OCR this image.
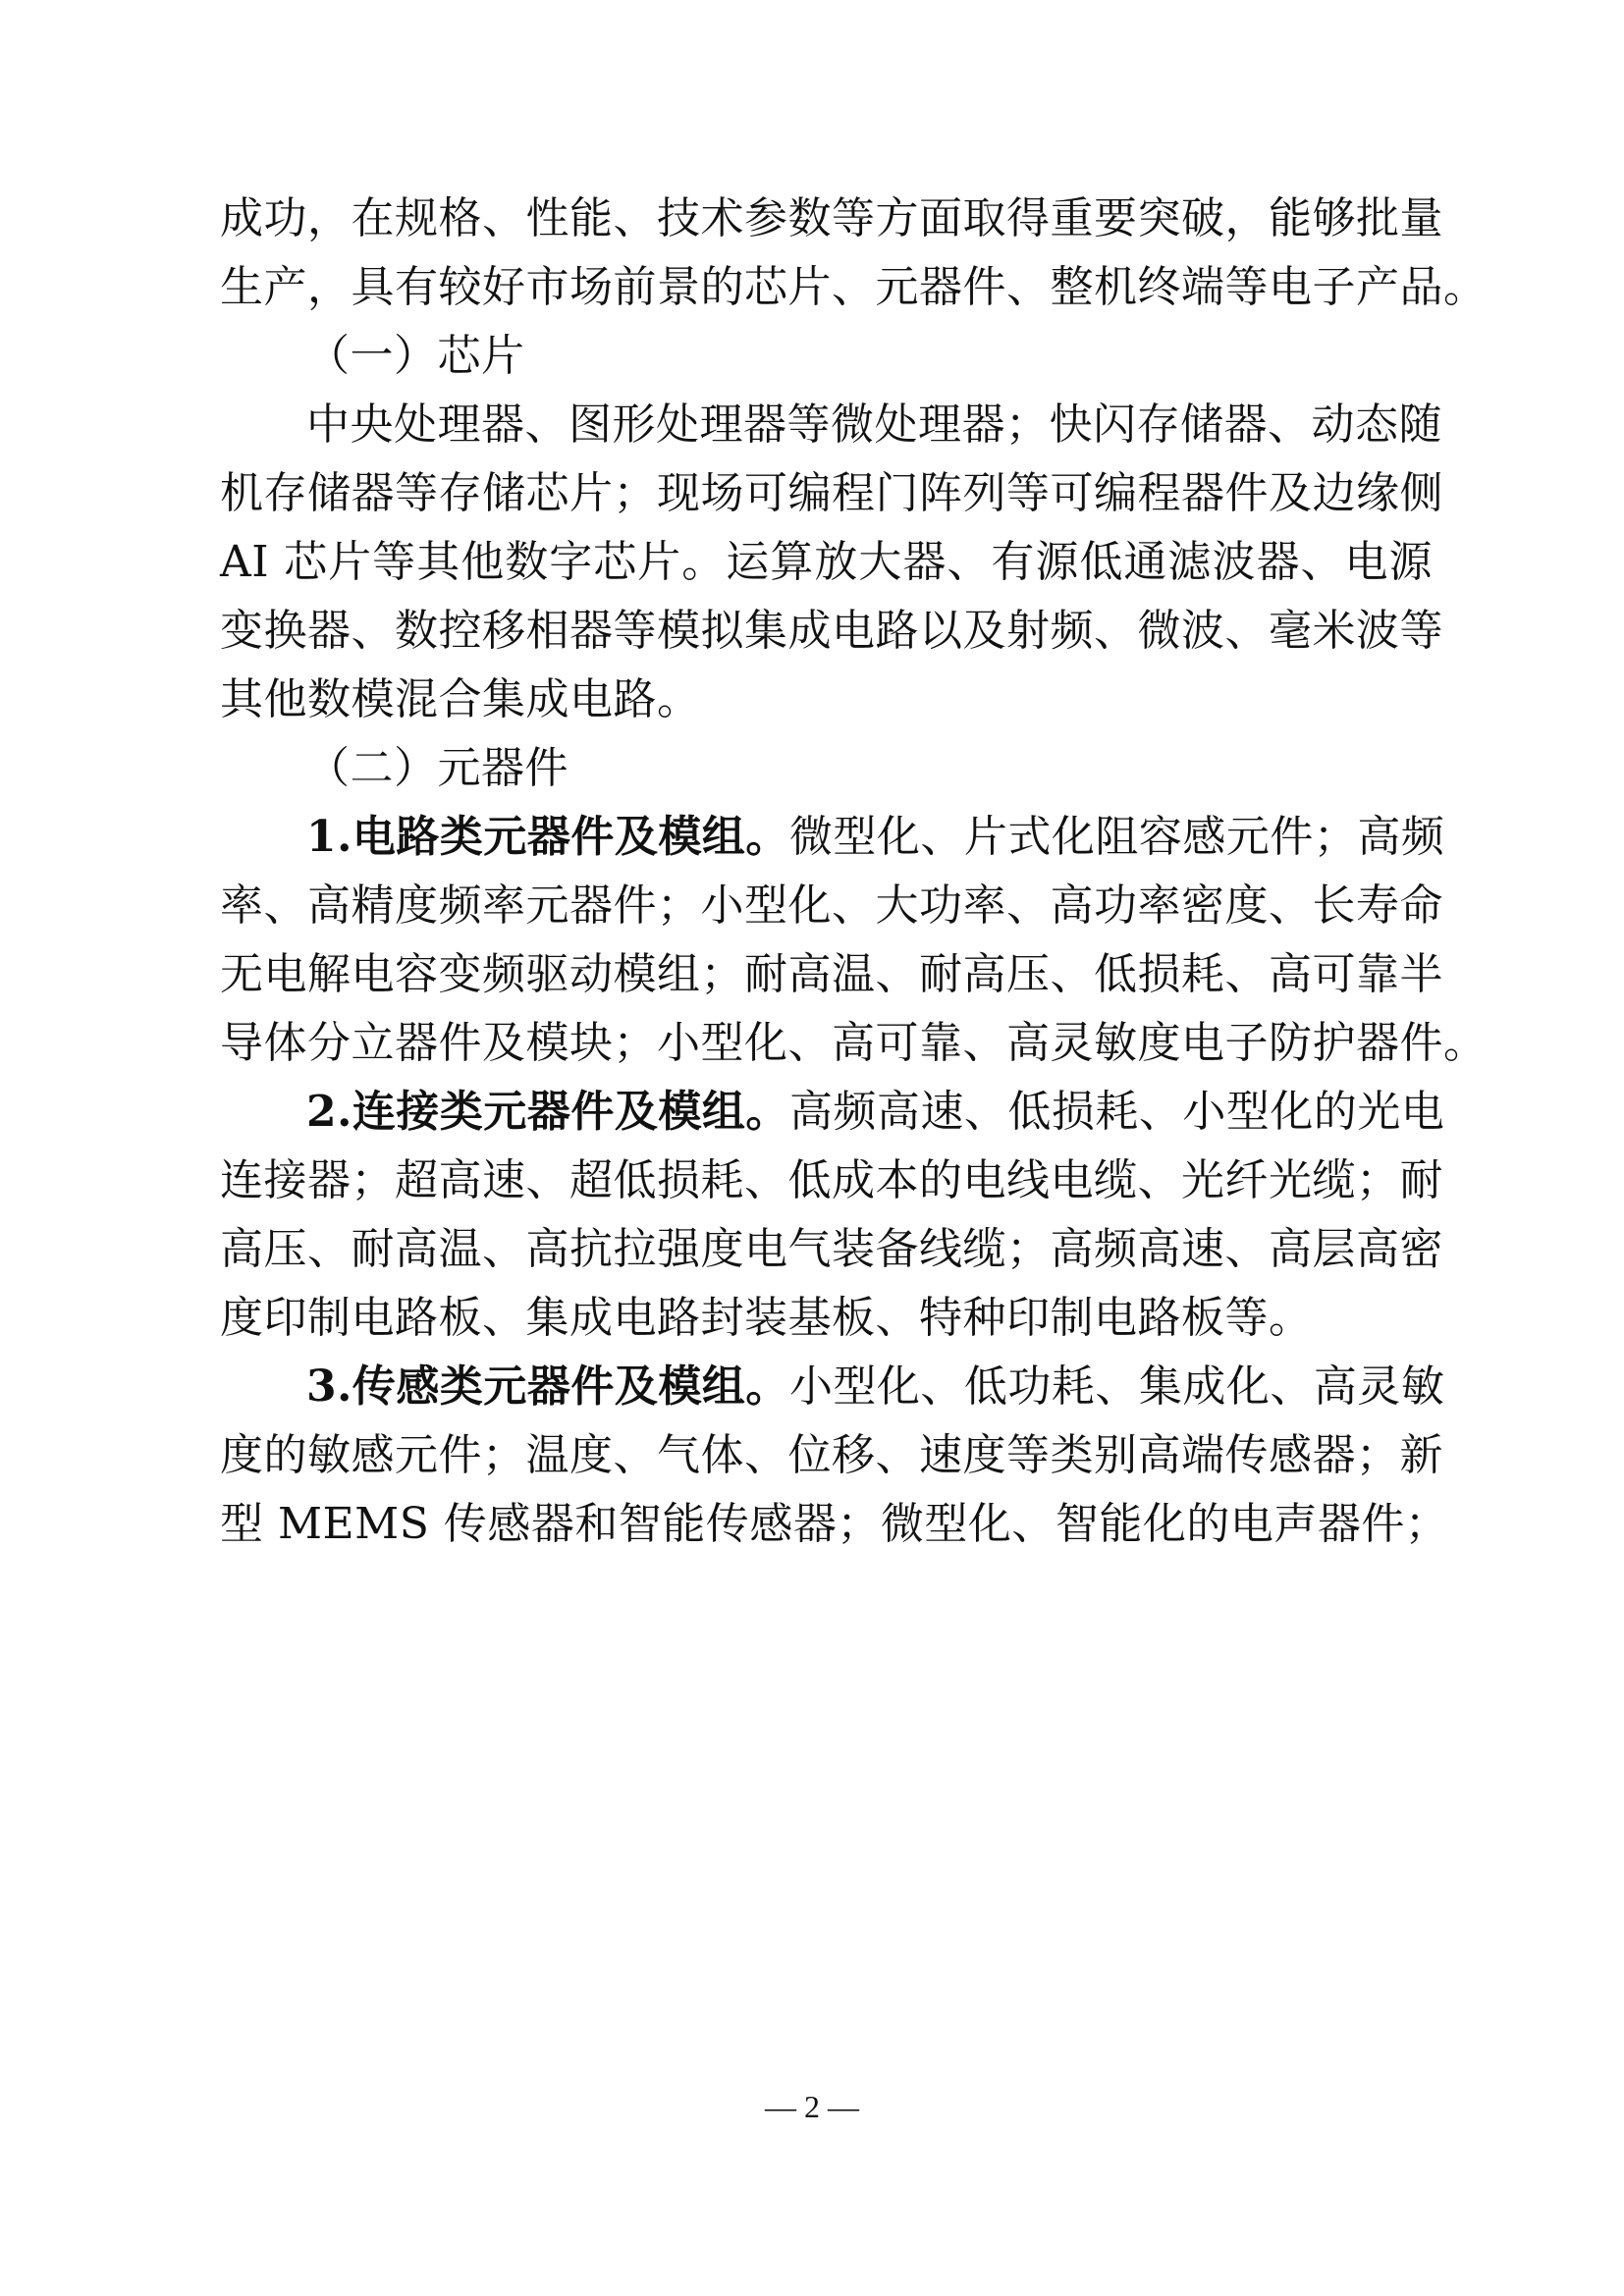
成功，在规格、性能、技术参数等方面取得重要突破，能够批量
生产，具有较好市场前景的芯片、元器件、整机终端等电子产品。
（一）芯片
中央处理器、图形处理器等微处理器；快闪存储器、动态随
机存储器等存储芯片；现场可编程门阵列等可编程器件及边缘侧
AI 芯片等其他数字芯片。运算放大器、有源低通滤波器、电源
变换器、数控移相器等模拟集成电路以及射频、微波、毫米波等
其他数模混合集成电路。
（二）元器件
1.电路类元器件及模组。微型化、片式化阻容感元件；高频
率、高精度频率元器件；小型化、大功率、高功率密度、长寿命
无电解电容变频驱动模组；耐高温、耐高压、低损耗、高可靠半
导体分立器件及模块；小型化、高可靠、高灵敏度电子防护器件。
2.连接类元器件及模组。高频高速、低损耗、小型化的光电
连接器；超高速、超低损耗、低成本的电线电缆、光纤光缆；耐
高压、耐高温、高抗拉强度电气装备线缆；高频高速、高层高密
度印制电路板、集成电路封装基板、特种印制电路板等。
3.传感类元器件及模组。小型化、低功耗、集成化、高灵敏
度的敏感元件；温度、气体、位移、速度等类别高端传感器；新
型 MEMS 传感器和智能传感器；微型化、智能化的电声器件；
— 2 —
